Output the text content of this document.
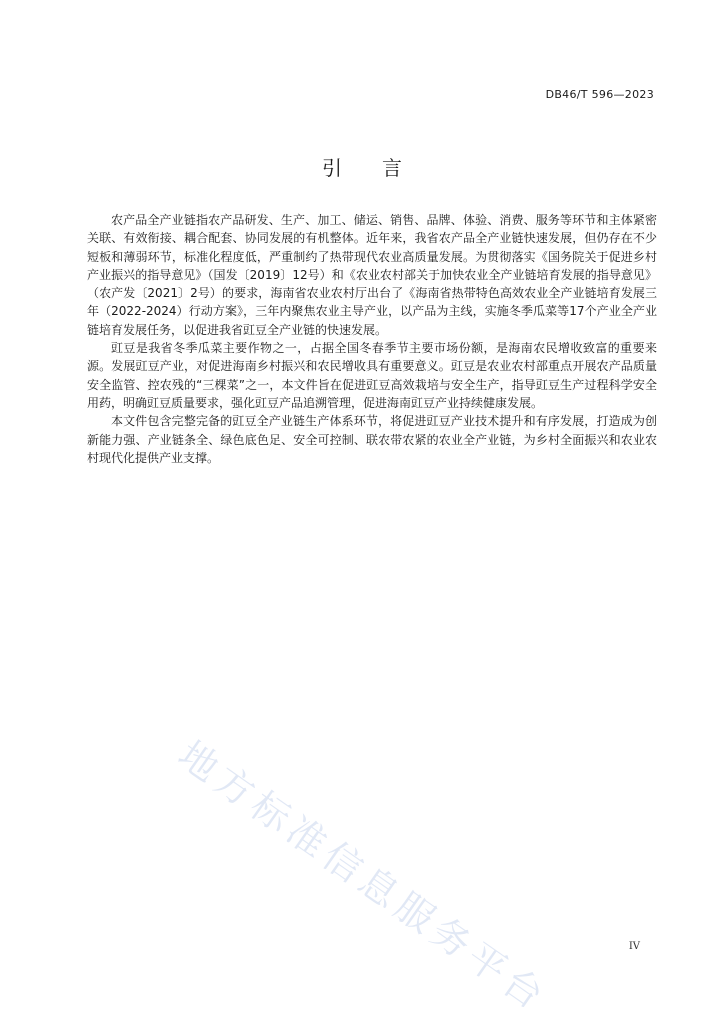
DB46/T 596—2023
引言

农产品全产业链指农产品研发、生产、加工、储运、销售、品牌、体验、消费、服务等环节和主体紧密关联、有效衔接、耦合配套、协同发展的有机整体。近年来，我省农产品全产业链快速发展，但仍存在不少短板和薄弱环节，标准化程度低，严重制约了热带现代农业高质量发展。为贯彻落实《国务院关于促进乡村产业振兴的指导意见》（国发〔2019〕12号）和《农业农村部关于加快农业全产业链培育发展的指导意见》（农产发〔2021〕2号）的要求，海南省农业农村厅出台了《海南省热带特色高效农业全产业链培育发展三年（2022-2024）行动方案》，三年内聚焦农业主导产业，以产品为主线，实施冬季瓜菜等17个产业全产业链培育发展任务，以促进我省豇豆全产业链的快速发展。

豇豆是我省冬季瓜菜主要作物之一，占据全国冬春季节主要市场份额，是海南农民增收致富的重要来源。发展豇豆产业，对促进海南乡村振兴和农民增收具有重要意义。豇豆是农业农村部重点开展农产品质量安全监管、控农残的“三棵菜”之一，本文件旨在促进豇豆高效栽培与安全生产，指导豇豆生产过程科学安全用药，明确豇豆质量要求，强化豇豆产品追溯管理，促进海南豇豆产业持续健康发展。

本文件包含完整完备的豇豆全产业链生产体系环节，将促进豇豆产业技术提升和有序发展，打造成为创新能力强、产业链条全、绿色底色足、安全可控制、联农带农紧的农业全产业链，为乡村全面振兴和农业农村现代化提供产业支撑。

地方标准信息服务平台	IV
